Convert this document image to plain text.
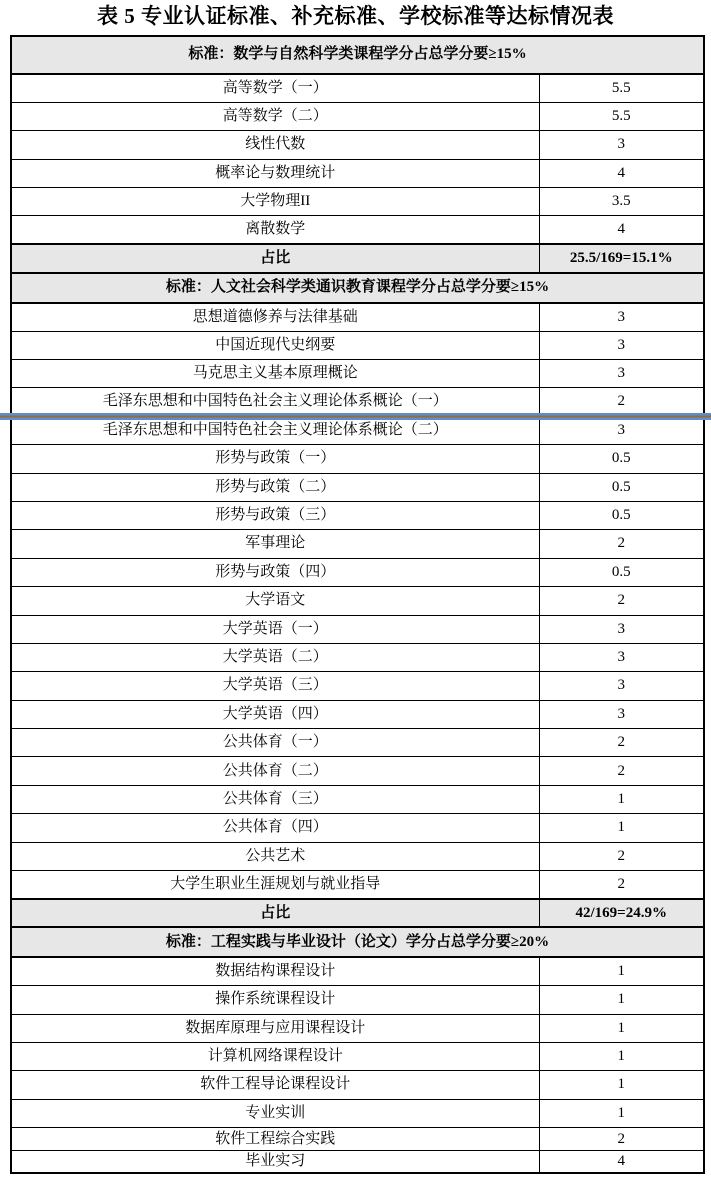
表 5 专业认证标准、补充标准、学校标准等达标情况表
标准：数学与自然科学类课程学分占总学分要≥15%	
高等数学（一）	5.5
高等数学（二）	5.5
线性代数	3
概率论与数理统计	4
大学物理II	3.5
离散数学	4
占比	25.5/169=15.1%
标准：人文社会科学类通识教育课程学分占总学分要≥15%	
思想道德修养与法律基础	3
中国近现代史纲要	3
马克思主义基本原理概论	3
毛泽东思想和中国特色社会主义理论体系概论（一）	2
毛泽东思想和中国特色社会主义理论体系概论（二）	3
形势与政策（一）	0.5
形势与政策（二）	0.5
形势与政策（三）	0.5
军事理论	2
形势与政策（四）	0.5
大学语文	2
大学英语（一）	3
大学英语（二）	3
大学英语（三）	3
大学英语（四）	3
公共体育（一）	2
公共体育（二）	2
公共体育（三）	1
公共体育（四）	1
公共艺术	2
大学生职业生涯规划与就业指导	2
占比	42/169=24.9%
标准：工程实践与毕业设计（论文）学分占总学分要≥20%	
数据结构课程设计	1
操作系统课程设计	1
数据库原理与应用课程设计	1
计算机网络课程设计	1
软件工程导论课程设计	1
专业实训	1
软件工程综合实践	2
毕业实习	4
